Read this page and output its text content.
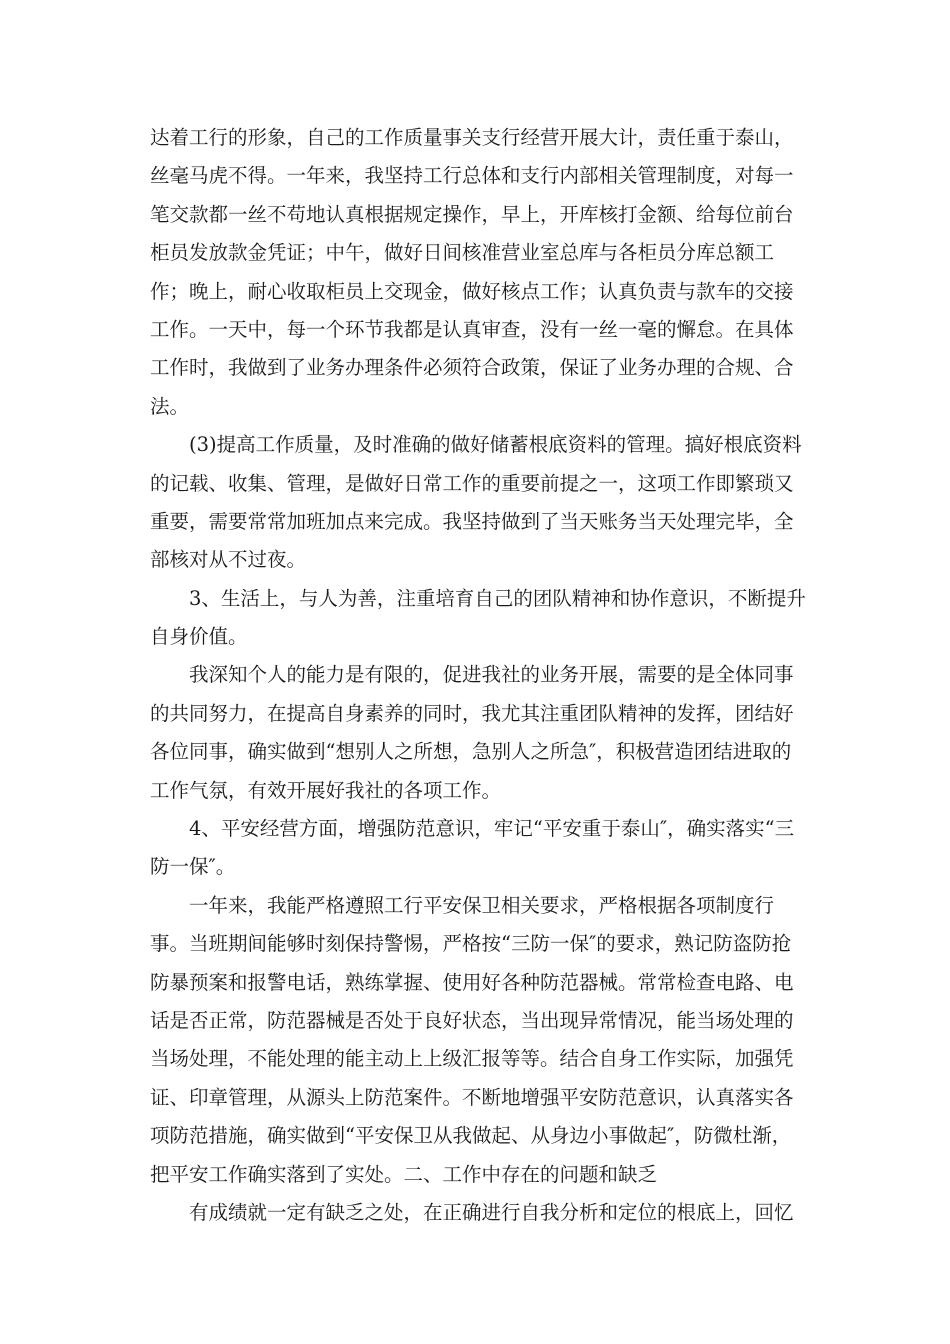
达着工行的形象，自己的工作质量事关支行经营开展大计，责任重于泰山，
丝毫马虎不得。一年来，我坚持工行总体和支行内部相关管理制度，对每一
笔交款都一丝不苟地认真根据规定操作，早上，开库核打金额、给每位前台
柜员发放款金凭证；中午，做好日间核准营业室总库与各柜员分库总额工
作；晚上，耐心收取柜员上交现金，做好核点工作；认真负责与款车的交接
工作。一天中，每一个环节我都是认真审查，没有一丝一毫的懈怠。在具体
工作时，我做到了业务办理条件必须符合政策，保证了业务办理的合规、合
法。
(3)提高工作质量，及时准确的做好储蓄根底资料的管理。搞好根底资料
的记载、收集、管理，是做好日常工作的重要前提之一，这项工作即繁琐又
重要，需要常常加班加点来完成。我坚持做到了当天账务当天处理完毕，全
部核对从不过夜。
3、生活上，与人为善，注重培育自己的团队精神和协作意识，不断提升
自身价值。
我深知个人的能力是有限的，促进我社的业务开展，需要的是全体同事
的共同努力，在提高自身素养的同时，我尤其注重团队精神的发挥，团结好
各位同事，确实做到“想别人之所想，急别人之所急″，积极营造团结进取的
工作气氛，有效开展好我社的各项工作。
4、平安经营方面，增强防范意识，牢记“平安重于泰山″，确实落实“三
防一保″。
一年来，我能严格遵照工行平安保卫相关要求，严格根据各项制度行
事。当班期间能够时刻保持警惕，严格按“三防一保″的要求，熟记防盗防抢
防暴预案和报警电话，熟练掌握、使用好各种防范器械。常常检查电路、电
话是否正常，防范器械是否处于良好状态，当出现异常情况，能当场处理的
当场处理，不能处理的能主动上上级汇报等等。结合自身工作实际，加强凭
证、印章管理，从源头上防范案件。不断地增强平安防范意识，认真落实各
项防范措施，确实做到“平安保卫从我做起、从身边小事做起″，防微杜渐，
把平安工作确实落到了实处。二、工作中存在的问题和缺乏
有成绩就一定有缺乏之处，在正确进行自我分析和定位的根底上，回忆
